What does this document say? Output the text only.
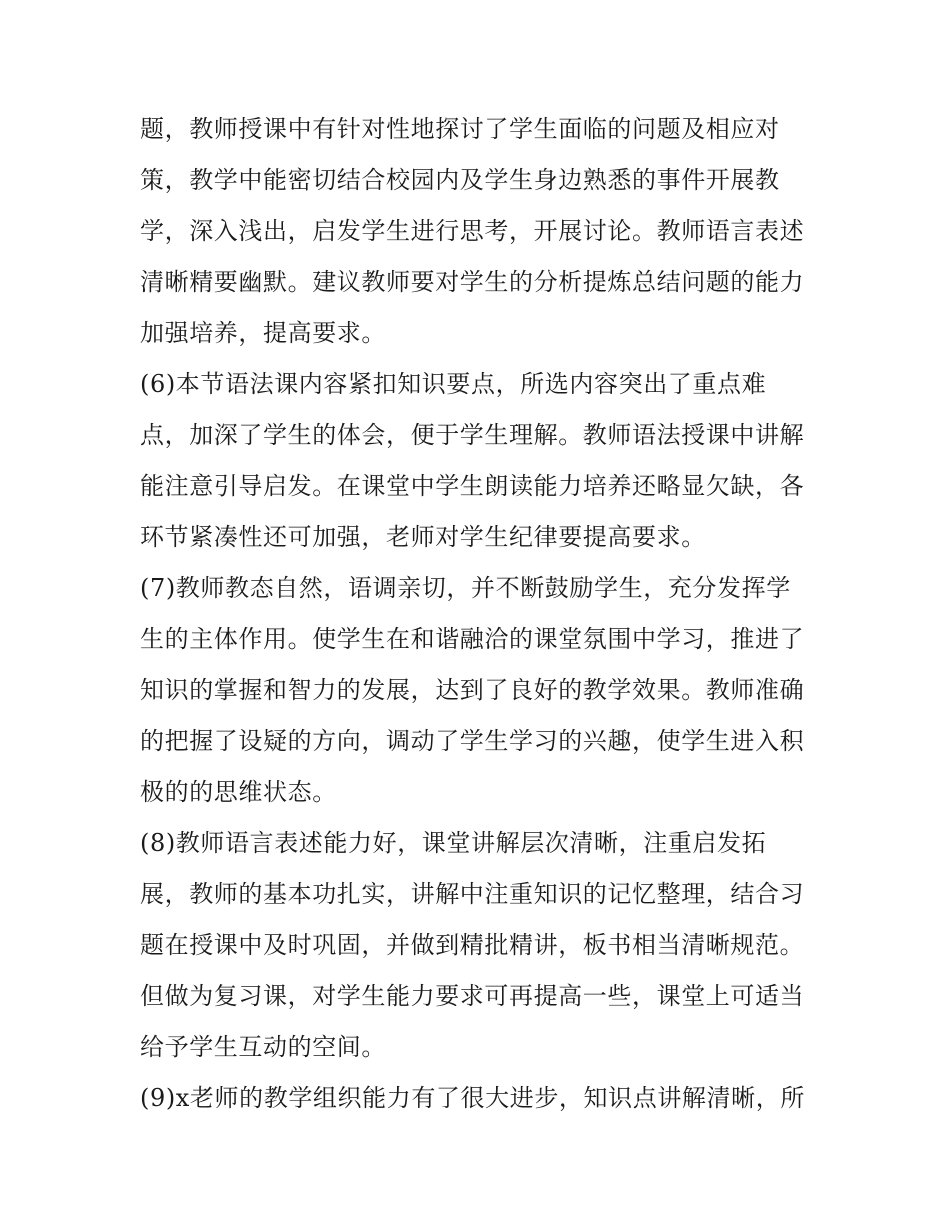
题，教师授课中有针对性地探讨了学生面临的问题及相应对
策，教学中能密切结合校园内及学生身边熟悉的事件开展教
学，深入浅出，启发学生进行思考，开展讨论。教师语言表述
清晰精要幽默。建议教师要对学生的分析提炼总结问题的能力
加强培养，提高要求。
(6)本节语法课内容紧扣知识要点，所选内容突出了重点难
点，加深了学生的体会，便于学生理解。教师语法授课中讲解
能注意引导启发。在课堂中学生朗读能力培养还略显欠缺，各
环节紧凑性还可加强，老师对学生纪律要提高要求。
(7)教师教态自然，语调亲切，并不断鼓励学生，充分发挥学
生的主体作用。使学生在和谐融洽的课堂氛围中学习，推进了
知识的掌握和智力的发展，达到了良好的教学效果。教师准确
的把握了设疑的方向，调动了学生学习的兴趣，使学生进入积
极的的思维状态。
(8)教师语言表述能力好，课堂讲解层次清晰，注重启发拓
展，教师的基本功扎实，讲解中注重知识的记忆整理，结合习
题在授课中及时巩固，并做到精批精讲，板书相当清晰规范。
但做为复习课，对学生能力要求可再提高一些，课堂上可适当
给予学生互动的空间。
(9)x老师的教学组织能力有了很大进步，知识点讲解清晰，所
